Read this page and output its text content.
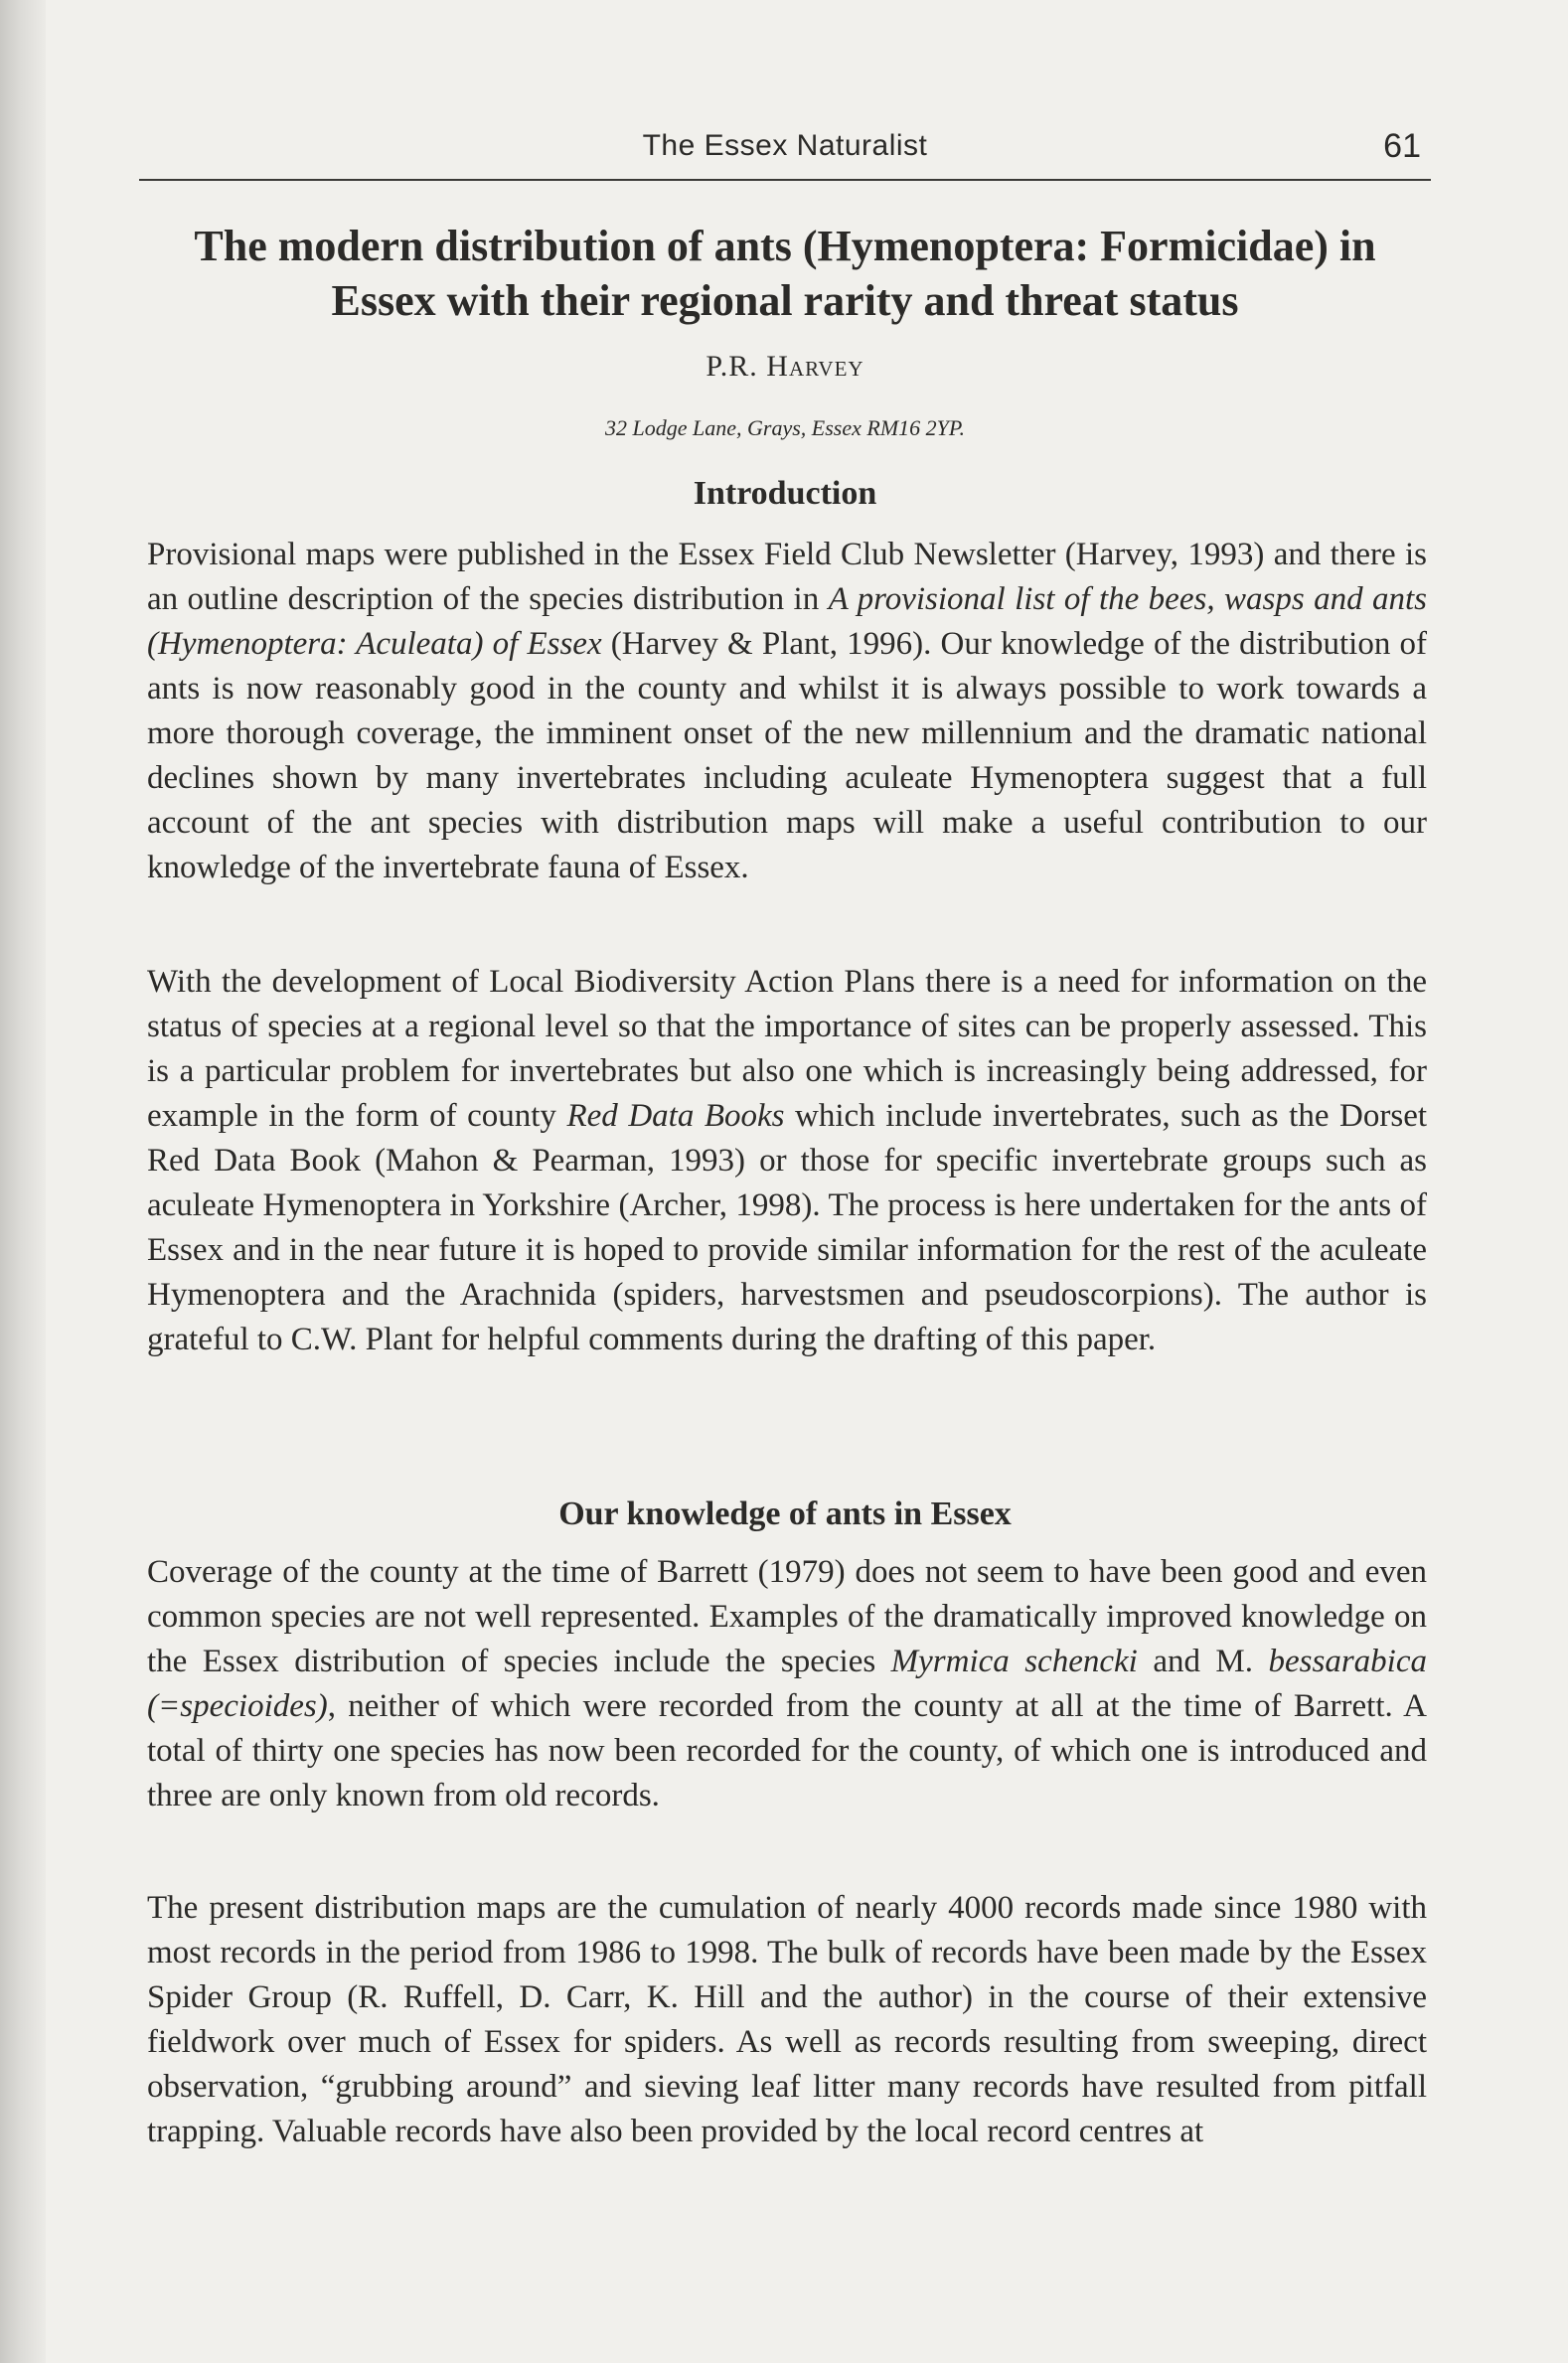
The Essex Naturalist	61
The modern distribution of ants (Hymenoptera: Formicidae) in Essex with their regional rarity and threat status
P.R. Harvey
32 Lodge Lane, Grays, Essex RM16 2YP.
Introduction

Provisional maps were published in the Essex Field Club Newsletter (Harvey, 1993) and there is an outline description of the species distribution in A provisional list of the bees, wasps and ants (Hymenoptera: Aculeata) of Essex (Harvey & Plant, 1996). Our knowledge of the distribution of ants is now reasonably good in the county and whilst it is always possible to work towards a more thorough coverage, the imminent onset of the new millennium and the dramatic national declines shown by many invertebrates including aculeate Hymenoptera suggest that a full account of the ant species with distribution maps will make a useful contribution to our knowledge of the invertebrate fauna of Essex.

With the development of Local Biodiversity Action Plans there is a need for information on the status of species at a regional level so that the importance of sites can be properly assessed. This is a particular problem for invertebrates but also one which is increasingly being addressed, for example in the form of county Red Data Books which include invertebrates, such as the Dorset Red Data Book (Mahon & Pearman, 1993) or those for specific invertebrate groups such as aculeate Hymenoptera in Yorkshire (Archer, 1998). The process is here undertaken for the ants of Essex and in the near future it is hoped to provide similar information for the rest of the aculeate Hymenoptera and the Arachnida (spiders, harvestsmen and pseudoscorpions). The author is grateful to C.W. Plant for helpful comments during the drafting of this paper.

Our knowledge of ants in Essex

Coverage of the county at the time of Barrett (1979) does not seem to have been good and even common species are not well represented. Examples of the dramatically improved knowledge on the Essex distribution of species include the species Myrmica schencki and M. bessarabica (=specioides), neither of which were recorded from the county at all at the time of Barrett. A total of thirty one species has now been recorded for the county, of which one is introduced and three are only known from old records.

The present distribution maps are the cumulation of nearly 4000 records made since 1980 with most records in the period from 1986 to 1998. The bulk of records have been made by the Essex Spider Group (R. Ruffell, D. Carr, K. Hill and the author) in the course of their extensive fieldwork over much of Essex for spiders. As well as records resulting from sweeping, direct observation, “grubbing around” and sieving leaf litter many records have resulted from pitfall trapping. Valuable records have also been provided by the local record centres at
